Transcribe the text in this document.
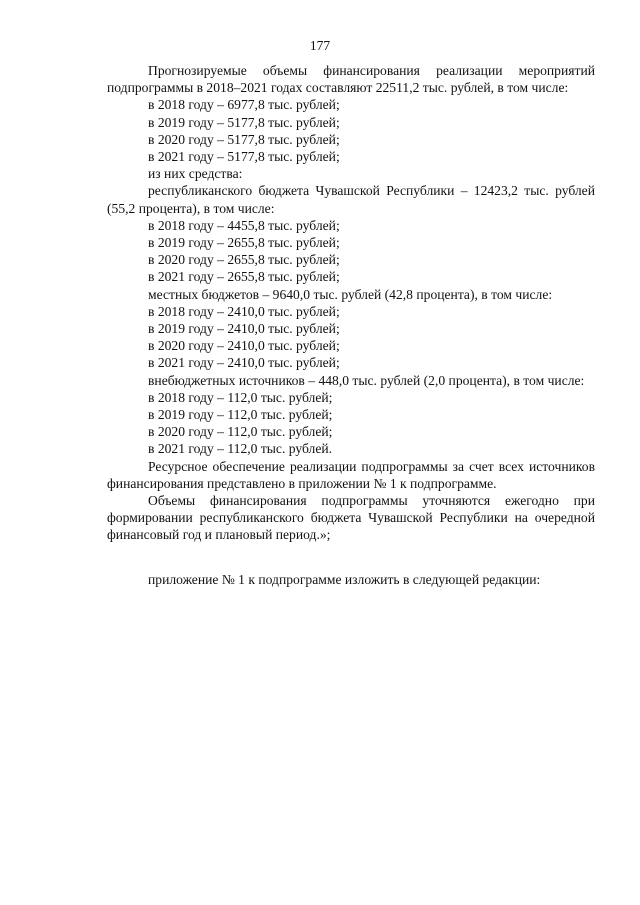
177

Прогнозируемые объемы финансирования реализации мероприятий подпрограммы в 2018–2021 годах составляют 22511,2 тыс. рублей, в том числе:

в 2018 году – 6977,8 тыс. рублей;

в 2019 году – 5177,8 тыс. рублей;

в 2020 году – 5177,8 тыс. рублей;

в 2021 году – 5177,8 тыс. рублей;

из них средства:

республиканского бюджета Чувашской Республики – 12423,2 тыс. рублей (55,2 процента), в том числе:

в 2018 году – 4455,8 тыс. рублей;

в 2019 году – 2655,8 тыс. рублей;

в 2020 году – 2655,8 тыс. рублей;

в 2021 году – 2655,8 тыс. рублей;

местных бюджетов – 9640,0 тыс. рублей (42,8 процента), в том числе:

в 2018 году – 2410,0 тыс. рублей;

в 2019 году – 2410,0 тыс. рублей;

в 2020 году – 2410,0 тыс. рублей;

в 2021 году – 2410,0 тыс. рублей;

внебюджетных источников – 448,0 тыс. рублей (2,0 процента), в том числе:

в 2018 году – 112,0 тыс. рублей;

в 2019 году – 112,0 тыс. рублей;

в 2020 году – 112,0 тыс. рублей;

в 2021 году – 112,0 тыс. рублей.

Ресурсное обеспечение реализации подпрограммы за счет всех источников финансирования представлено в приложении № 1 к подпрограмме.

Объемы финансирования подпрограммы уточняются ежегодно при формировании республиканского бюджета Чувашской Республики на очередной финансовый год и плановый период.»;

приложение № 1 к подпрограмме изложить в следующей редакции:
